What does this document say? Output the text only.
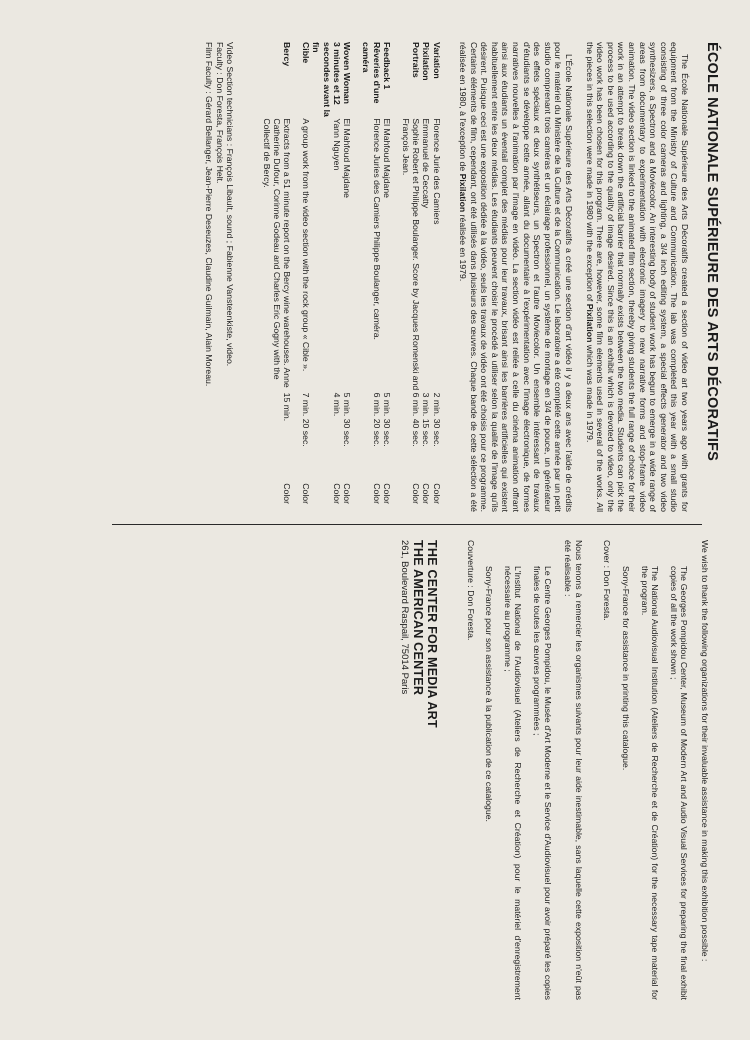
ÉCOLE NATIONALE SUPÉRIEURE DES ARTS DÉCORATIFS

The École Nationale Supérieure des Arts Décoratifs created a section of video art two years ago with grants for equipment from the Ministry of Culture and Communication. The lab was completed this year with a small studio consisting of three color cameras and lighting, a 3/4 inch editing system, a special effects generator and two video synthesizers, a Spectron and a Moviecolor. An interesting body of student work has begun to emerge in a wide range of areas from documentary to experimentation with electronic imagery to new narrative forms and stop-frame video animation. The video section is linked to the animated film section, thereby giving students the full range of choice for their work in an attempt to break down the artificial barrier that normally exists between the two media. Students can pick the process to be used according to the quality of image desired. Since this is an exhibit which is devoted to video, only the video work has been chosen for this program. There are, however, some film elements used in several of the works. All the pieces in this selection were made in 1980 with the exception of Pixilation which was made in 1979.

L'École Nationale Supérieure des Arts Décoratifs a créé une section d'art vidéo il y a deux ans avec l'aide de crédits pour le matériel du Ministère de la Culture et de la Communication. Le laboratoire a été complété cette année par un petit studio comprenant trois caméras et un éclairage professionnel, un système de montage en 3/4 de pouce, un générateur des effets spéciaux et deux synthétiseurs, un Spectron et l'autre Moviecolor. Un ensemble intéressant de travaux d'étudiants se développe cette année, allant du documentaire à l'expérimentation avec l'image électronique, de formes narratives nouvelles à l'animation par l'image en vidéo. La section vidéo est reliée à celle du cinéma animation offrant ainsi aux étudiants un éventail complet des médias pour leur travaux, brisant ainsi les barrières artificielles qui existent habituellement entre les deux médias. Les étudiants peuvent choisir le procédé à utiliser selon la qualité de l'image qu'ils désirent. Puisque ceci est une exposition dédiée à la vidéo, seuls les travaux de vidéo ont été choisis pour ce programme. Certains éléments de film, cependant, ont été utilisés dans plusieurs des œuvres. Chaque bande de cette sélection a été réalisée en 1980, à l'exception de Pixilation réalisée en 1979.

Variation	Florence Jurie des Camiers	2 min. 30 sec.	Color
Pixilation	Emmanuel de Ceccatty	3 min. 15 sec.	Color
Portraits	Sophie Robert et Philippe Boulanger. Score by Jacques Romenski and François Jean.	6 min. 40 sec.	Color
Feedback 1	El Mahfoud Majdane	5 min. 30 sec.	Color
Rêveries d'une caméra	Florence Juries des Camiers Philippe Boulanger, caméra.	6 min. 20 sec.	Color
Woven Woman	El Mahfoud Majdane	5 min. 30 sec.	Color
3 minutes et 12 secondes avant la fin	Yann Nguyen	4 min.	Color
Cible	A group work from the video section with the rock group « Cible ».	7 min. 20 sec.	Color
Bercy	Extracts from a 51 minute report on the Bercy wine warehouses. Anne Catherine Dufour, Corinne Godeau and Charles Eric Gogny with the Collectif de Bercy.	15 min.	Color

Video Section technicians : François Libault, sound ; Fabienne Vansteenkiste, video.

Faculty : Don Foresta, François Helt.

Film Faculty : Gérard Bellanger, Jean-Pierre Deseuzes, Claudine Guilmain, Alain Moreau.

We wish to thank the following organizations for their invaluable assistance in making this exhibition possible :

The Georges Pompidou Center, Museum of Modern Art and Audio Visual Services for preparing the final exhibit copies of all the work shown ;

The National Audiovisual Institution (Ateliers de Recherche et de Création) for the necessary tape material for the program.

Sony-France for assistance in printing this catalogue.

Cover : Don Foresta.

Nous tenons à remercier les organismes suivants pour leur aide inestimable, sans laquelle cette exposition n'eût pas été réalisable :

Le Centre Georges Pompidou, le Musée d'Art Moderne et le Service d'Audiovisuel pour avoir préparé les copies finales de toutes les œuvres programmées ;

L'Institut National de l'Audiovisuel (Ateliers de Recherche et Création) pour le matériel d'enregistrement nécessaire au programme ;

Sony-France pour son assistance à la publication de ce catalogue.

Couverture : Don Foresta.

THE CENTER FOR MEDIA ART
THE AMERICAN CENTER
261, Boulevard Raspail, 75014 Paris
